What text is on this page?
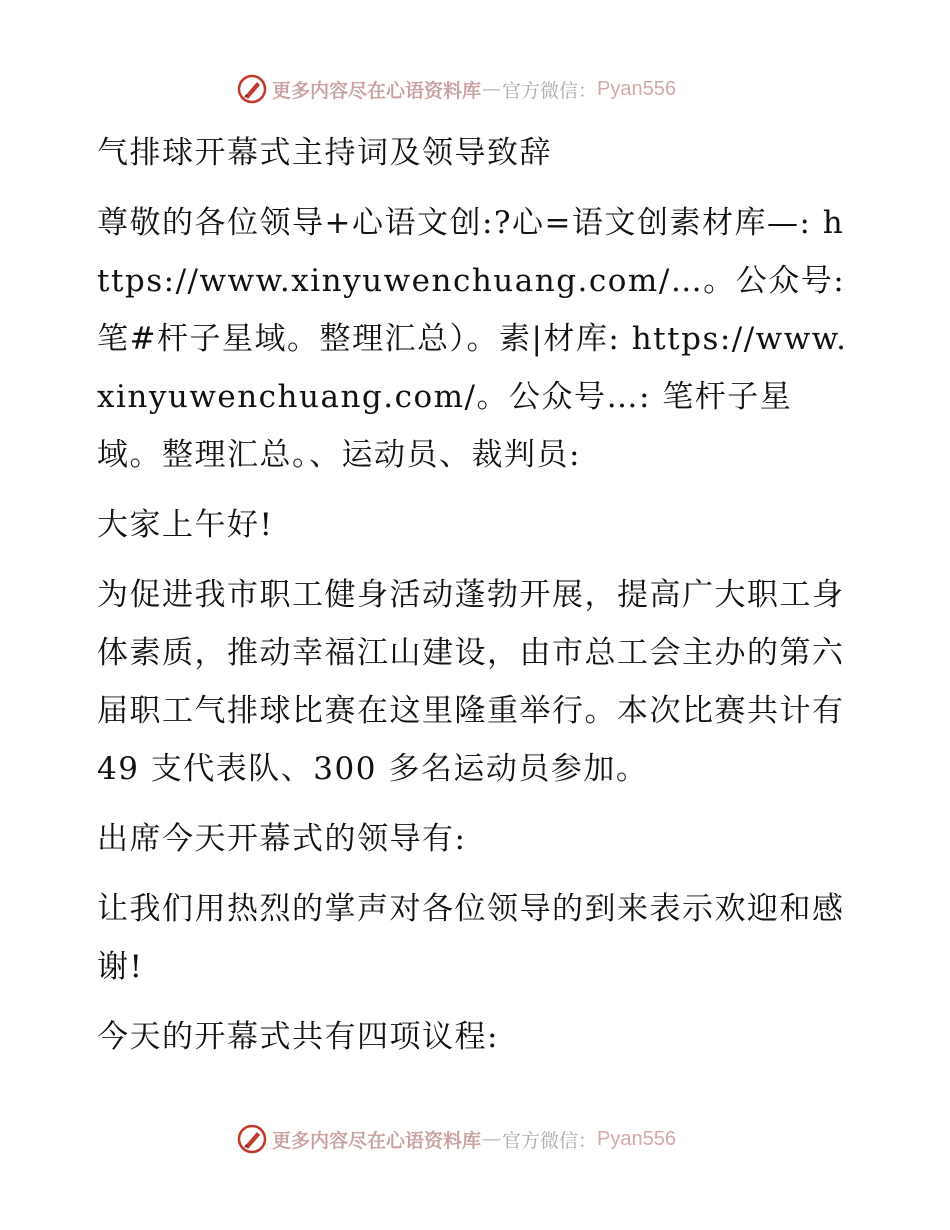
更多内容尽在心语资料库 — 官方微信： Pyan556

气排球开幕式主持词及领导致辞

尊敬的各位领导+心语文创:?心=语文创素材库—: https://www.xinyuwenchuang.com/…。公众号: 笔#杆子星域。整理汇总）。素|材库: https://www.xinyuwenchuang.com/。公众号…: 笔杆子星域。整理汇总。、运动员、裁判员:

大家上午好!

为促进我市职工健身活动蓬勃开展，提高广大职工身体素质，推动幸福江山建设，由市总工会主办的第六届职工气排球比赛在这里隆重举行。本次比赛共计有 49 支代表队、300 多名运动员参加。

出席今天开幕式的领导有:

让我们用热烈的掌声对各位领导的到来表示欢迎和感谢!

今天的开幕式共有四项议程:

更多内容尽在心语资料库 — 官方微信： Pyan556
